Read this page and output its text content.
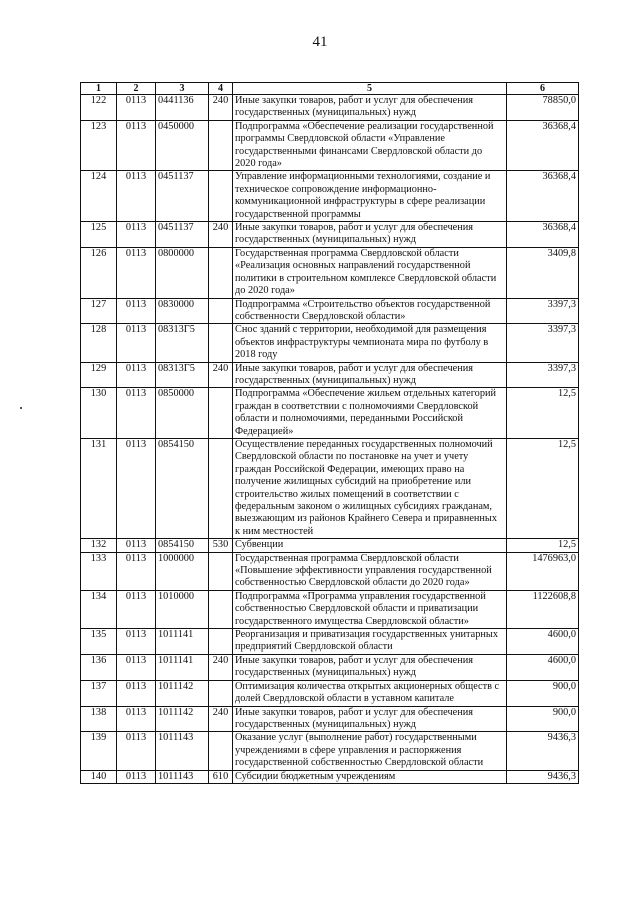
41
1	2	3	4	5	6
122	0113	0441136	240	Иные закупки товаров, работ и услуг для обеспечения государственных (муниципальных) нужд	78850,0
123	0113	0450000		Подпрограмма «Обеспечение реализации государственной программы Свердловской области «Управление государственными финансами Свердловской области до 2020 года»	36368,4
124	0113	0451137		Управление информационными технологиями, создание и техническое сопровождение информационно-коммуникационной инфраструктуры в сфере реализации государственной программы	36368,4
125	0113	0451137	240	Иные закупки товаров, работ и услуг для обеспечения государственных (муниципальных) нужд	36368,4
126	0113	0800000		Государственная программа Свердловской области «Реализация основных направлений государственной политики в строительном комплексе Свердловской области до 2020 года»	3409,8
127	0113	0830000		Подпрограмма «Строительство объектов государственной собственности Свердловской области»	3397,3
128	0113	08313Г5		Снос зданий с территории, необходимой для размещения объектов инфраструктуры чемпионата мира по футболу в 2018 году	3397,3
129	0113	08313Г5	240	Иные закупки товаров, работ и услуг для обеспечения государственных (муниципальных) нужд	3397,3
130	0113	0850000		Подпрограмма «Обеспечение жильем отдельных категорий граждан в соответствии с полномочиями Свердловской области и полномочиями, переданными Российской Федерацией»	12,5
131	0113	0854150		Осуществление переданных государственных полномочий Свердловской области по постановке на учет и учету граждан Российской Федерации, имеющих право на получение жилищных субсидий на приобретение или строительство жилых помещений в соответствии с федеральным законом о жилищных субсидиях гражданам, выезжающим из районов Крайнего Севера и приравненных к ним местностей	12,5
132	0113	0854150	530	Субвенции	12,5
133	0113	1000000		Государственная программа Свердловской области «Повышение эффективности управления государственной собственностью Свердловской области до 2020 года»	1476963,0
134	0113	1010000		Подпрограмма «Программа управления государственной собственностью Свердловской области и приватизации государственного имущества Свердловской области»	1122608,8
135	0113	1011141		Реорганизация и приватизация государственных унитарных предприятий Свердловской области	4600,0
136	0113	1011141	240	Иные закупки товаров, работ и услуг для обеспечения государственных (муниципальных) нужд	4600,0
137	0113	1011142		Оптимизация количества открытых акционерных обществ с долей Свердловской области в уставном капитале	900,0
138	0113	1011142	240	Иные закупки товаров, работ и услуг для обеспечения государственных (муниципальных) нужд	900,0
139	0113	1011143		Оказание услуг (выполнение работ) государственными учреждениями в сфере управления и распоряжения государственной собственностью Свердловской области	9436,3
140	0113	1011143	610	Субсидии бюджетным учреждениям	9436,3
